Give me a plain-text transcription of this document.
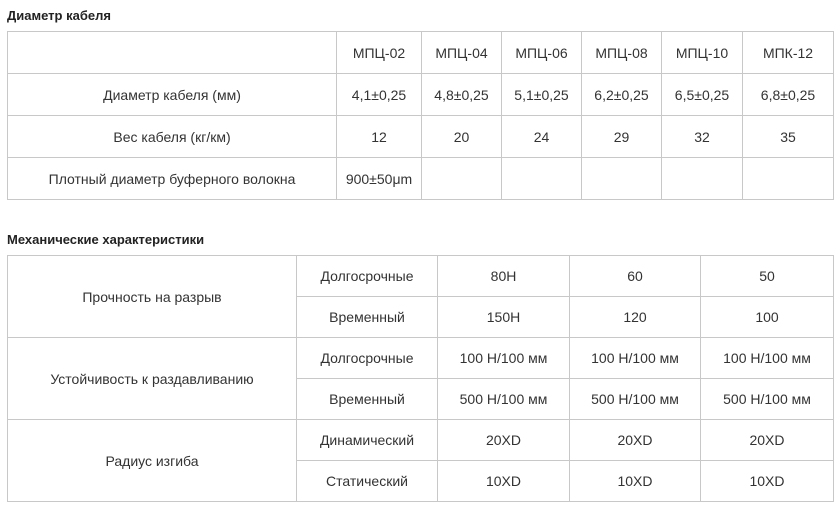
Диаметр кабеля
	МПЦ-02	МПЦ-04	МПЦ-06	МПЦ-08	МПЦ-10	МПК-12
Диаметр кабеля (мм)	4,1±0,25	4,8±0,25	5,1±0,25	6,2±0,25	6,5±0,25	6,8±0,25
Вес кабеля (кг/км)	12	20	24	29	32	35
Плотный диаметр буферного волокна	900±50μm					
Механические характеристики
Прочность на разрыв	Долгосрочные	80H	60	50
	Временный	150H	120	100
Устойчивость к раздавливанию	Долгосрочные	100 Н/100 мм	100 Н/100 мм	100 Н/100 мм
	Временный	500 Н/100 мм	500 Н/100 мм	500 Н/100 мм
Радиус изгиба	Динамический	20XD	20XD	20XD
	Статический	10XD	10XD	10XD
